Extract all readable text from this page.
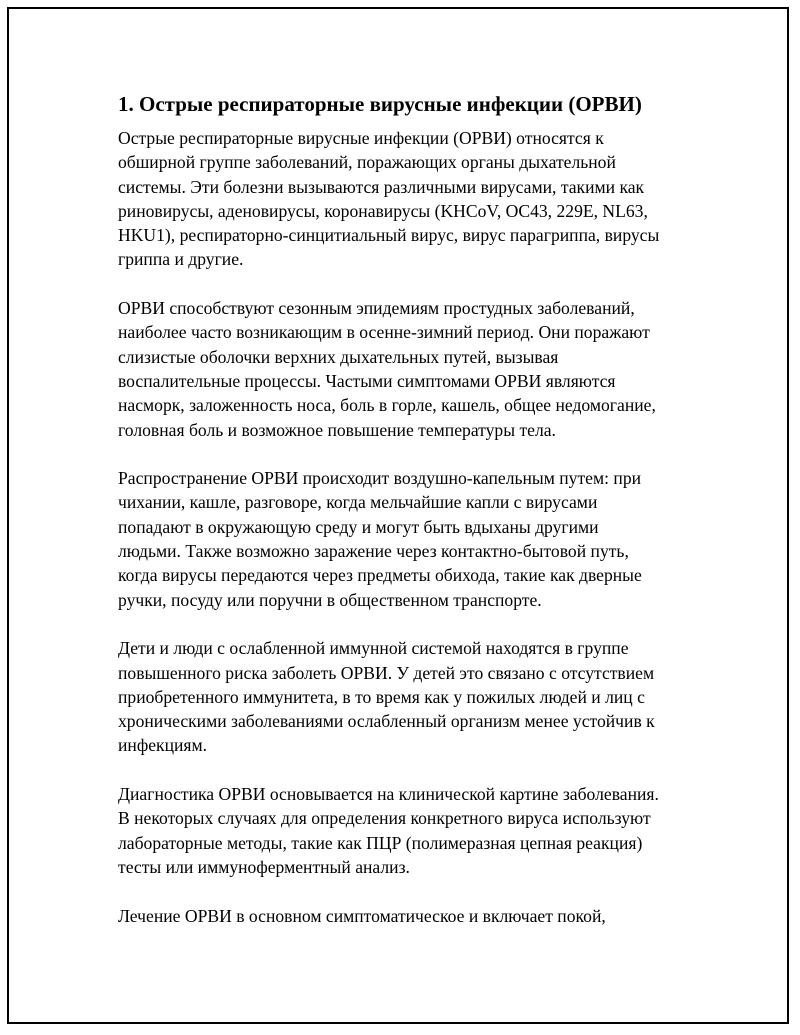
1. Острые респираторные вирусные инфекции (ОРВИ)
Острые респираторные вирусные инфекции (ОРВИ) относятся к
обширной группе заболеваний, поражающих органы дыхательной
системы. Эти болезни вызываются различными вирусами, такими как
риновирусы, аденовирусы, коронавирусы (KHCoV, OC43, 229E, NL63,
HKU1), респираторно-синцитиальный вирус, вирус парагриппа, вирусы
гриппа и другие.
ОРВИ способствуют сезонным эпидемиям простудных заболеваний,
наиболее часто возникающим в осенне-зимний период. Они поражают
слизистые оболочки верхних дыхательных путей, вызывая
воспалительные процессы. Частыми симптомами ОРВИ являются
насморк, заложенность носа, боль в горле, кашель, общее недомогание,
головная боль и возможное повышение температуры тела.
Распространение ОРВИ происходит воздушно-капельным путем: при
чихании, кашле, разговоре, когда мельчайшие капли с вирусами
попадают в окружающую среду и могут быть вдыханы другими
людьми. Также возможно заражение через контактно-бытовой путь,
когда вирусы передаются через предметы обихода, такие как дверные
ручки, посуду или поручни в общественном транспорте.
Дети и люди с ослабленной иммунной системой находятся в группе
повышенного риска заболеть ОРВИ. У детей это связано с отсутствием
приобретенного иммунитета, в то время как у пожилых людей и лиц с
хроническими заболеваниями ослабленный организм менее устойчив к
инфекциям.
Диагностика ОРВИ основывается на клинической картине заболевания.
В некоторых случаях для определения конкретного вируса используют
лабораторные методы, такие как ПЦР (полимеразная цепная реакция)
тесты или иммуноферментный анализ.
Лечение ОРВИ в основном симптоматическое и включает покой,
